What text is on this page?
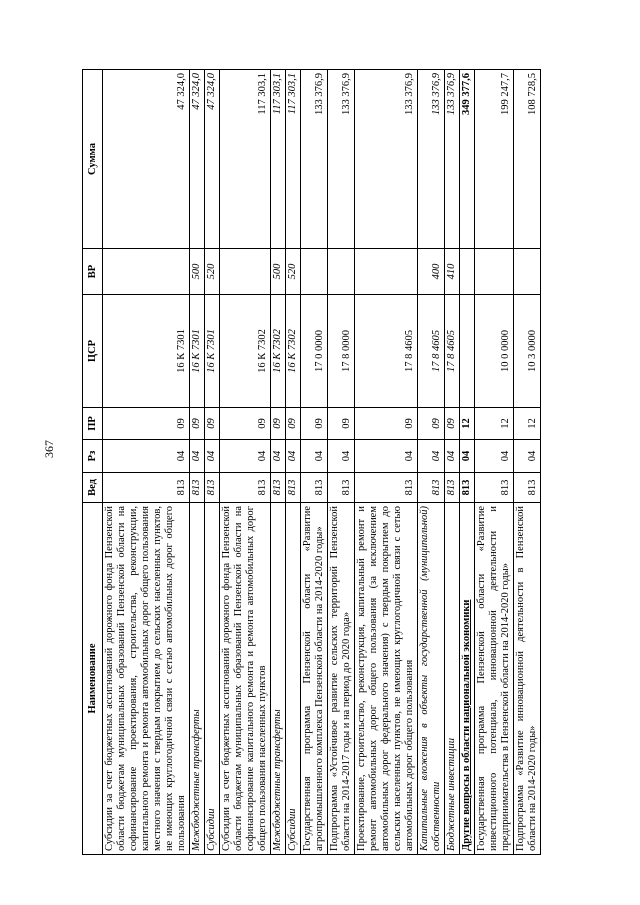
367
Наименование	Вед	Рз	ПР	ЦСР	ВР	Сумма
Субсидии за счет бюджетных ассигнований дорожного фонда Пензенской области бюджетам муниципальных образований Пензенской области на софинансирование проектирования, строительства, реконструкции, капитального ремонта и ремонта автомобильных дорог общего пользования местного значения с твердым покрытием до сельских населенных пунктов, не имеющих круглогодичной связи с сетью автомобильных дорог общего пользования	813	04	09	16 К 7301		47 324,0
Межбюджетные трансферты	813	04	09	16 К 7301	500	47 324,0
Субсидии	813	04	09	16 К 7301	520	47 324,0
Субсидии за счет бюджетных ассигнований дорожного фонда Пензенской области бюджетам муниципальных образований Пензенской области на софинансирование капитального ремонта и ремонта автомобильных дорог общего пользования населенных пунктов	813	04	09	16 К 7302		117 303,1
Межбюджетные трансферты	813	04	09	16 К 7302	500	117 303,1
Субсидии	813	04	09	16 К 7302	520	117 303,1
Государственная программа Пензенской области «Развитие агропромышленного комплекса Пензенской области на 2014-2020 годы»	813	04	09	17 0 0000		133 376,9
Подпрограмма «Устойчивое развитие сельских территорий Пензенской области на 2014-2017 годы и на период до 2020 года»	813	04	09	17 8 0000		133 376,9
Проектирование, строительство, реконструкция, капитальный ремонт и ремонт автомобильных дорог общего пользования (за исключением автомобильных дорог федерального значения) с твердым покрытием до сельских населенных пунктов, не имеющих круглогодичной связи с сетью автомобильных дорог общего пользования	813	04	09	17 8 4605		133 376,9
Капитальные вложения в объекты государственной (муниципальной) собственности	813	04	09	17 8 4605	400	133 376,9
Бюджетные инвестиции	813	04	09	17 8 4605	410	133 376,9
Другие вопросы в области национальной экономики	813	04	12			349 377,6
Государственная программа Пензенской области «Развитие инвестиционного потенциала, инновационной деятельности и предпринимательства в Пензенской области на 2014-2020 годы»	813	04	12	10 0 0000		199 247,7
Подпрограмма «Развитие инновационной деятельности в Пензенской области на 2014-2020 годы»	813	04	12	10 3 0000		108 728,5
